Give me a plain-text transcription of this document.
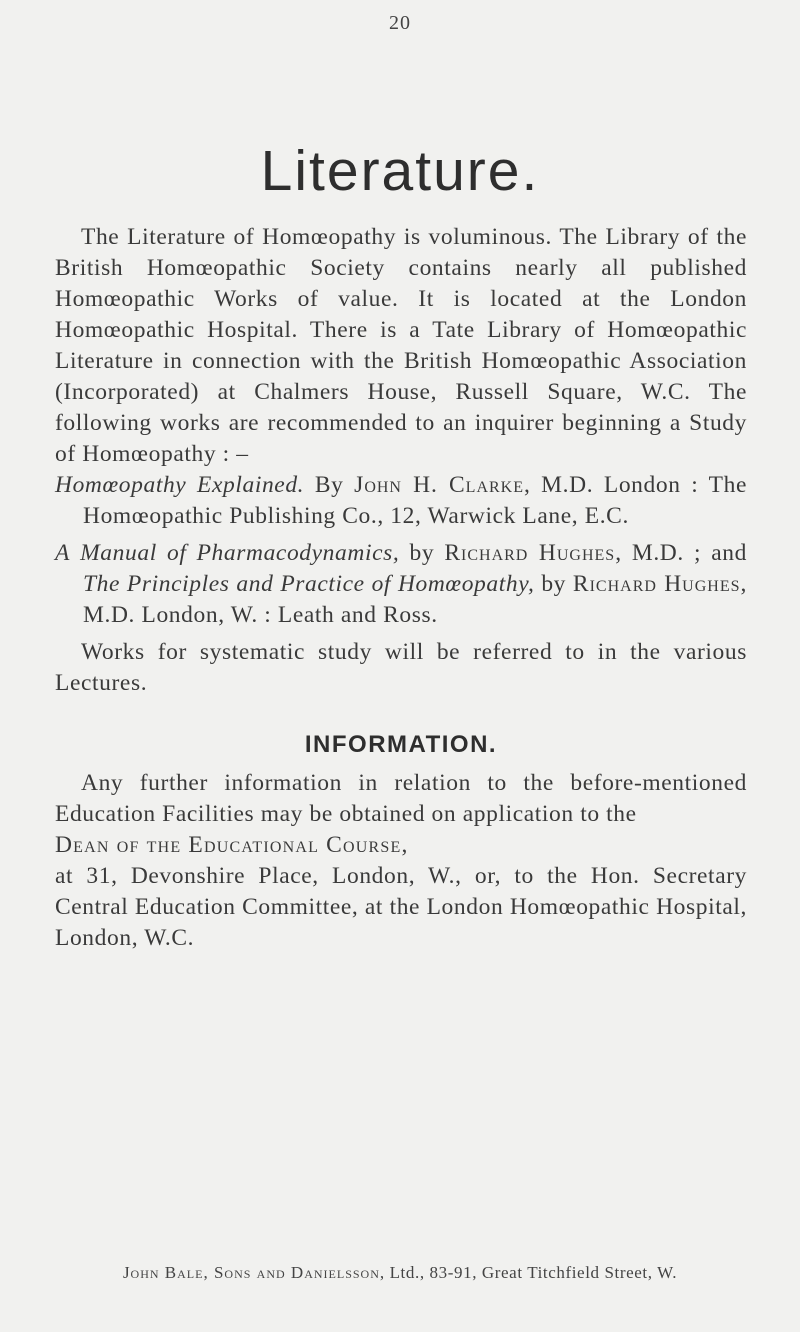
20
Literature.

The Literature of Homœopathy is voluminous. The Library of the British Homœopathic Society contains nearly all published Homœopathic Works of value. It is located at the London Homœopathic Hospital. There is a Tate Library of Homœopathic Literature in connection with the British Homœopathic Association (Incorporated) at Chalmers House, Russell Square, W.C. The following works are recommended to an inquirer beginning a Study of Homœopathy : –

Homœopathy Explained. By John H. Clarke, M.D. London : The Homœopathic Publishing Co., 12, Warwick Lane, E.C.

A Manual of Pharmacodynamics, by Richard Hughes, M.D. ; and The Principles and Practice of Homœopathy, by Richard Hughes, M.D. London, W. : Leath and Ross.

Works for systematic study will be referred to in the various Lectures.

INFORMATION.

Any further information in relation to the before-mentioned Education Facilities may be obtained on application to the

Dean of the Educational Course,

at 31, Devonshire Place, London, W., or, to the Hon. Secretary Central Education Committee, at the London Homœopathic Hospital, London, W.C.

John Bale, Sons and Danielsson, Ltd., 83-91, Great Titchfield Street, W.
